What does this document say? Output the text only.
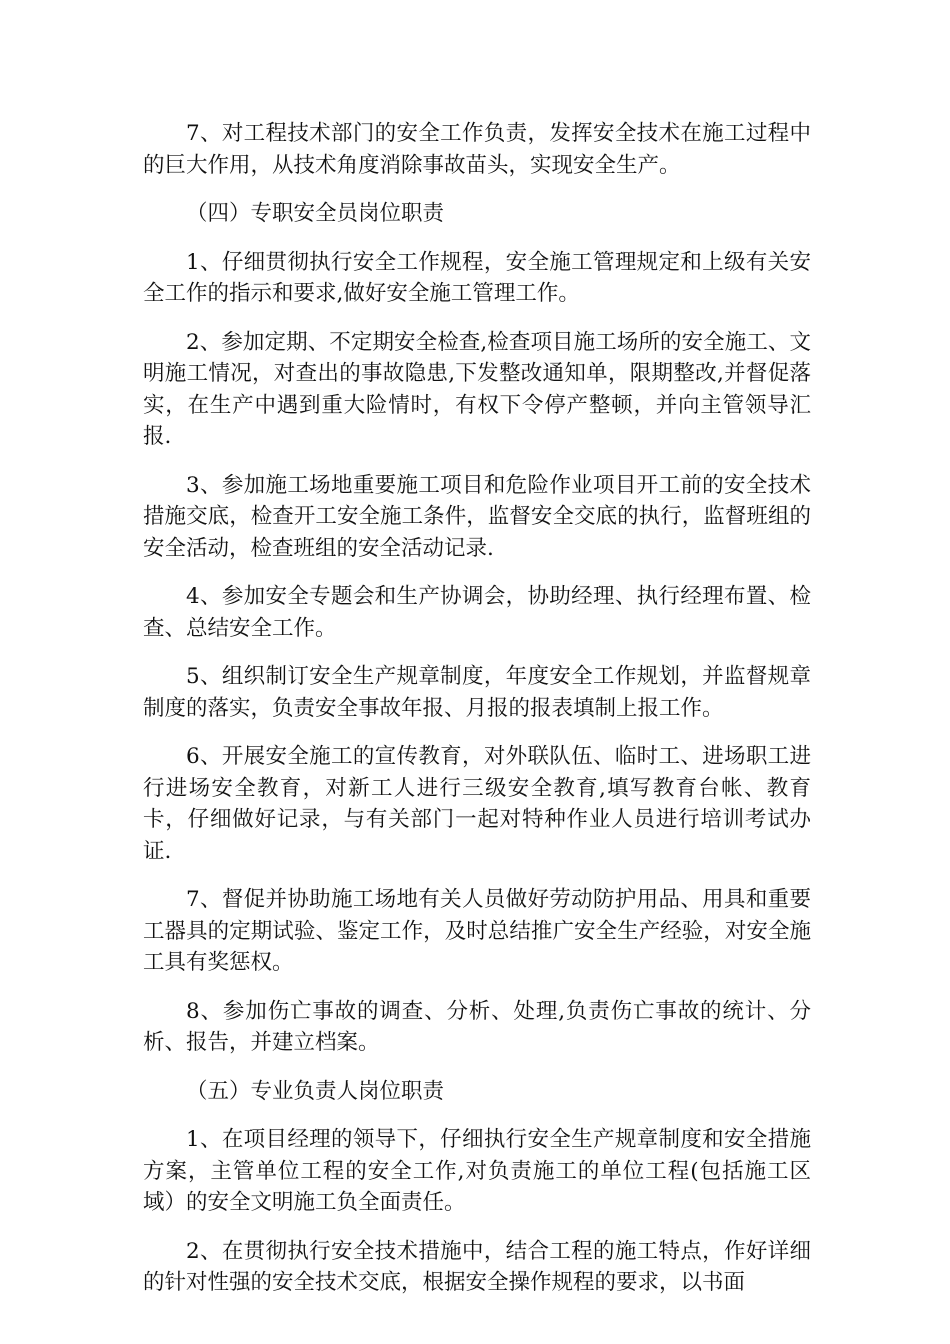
7、对工程技术部门的安全工作负责，发挥安全技术在施工过程中的巨大作用，从技术角度消除事故苗头，实现安全生产。

（四）专职安全员岗位职责

1、仔细贯彻执行安全工作规程，安全施工管理规定和上级有关安全工作的指示和要求,做好安全施工管理工作。

2、参加定期、不定期安全检查,检查项目施工场所的安全施工、文明施工情况，对查出的事故隐患,下发整改通知单，限期整改,并督促落实，在生产中遇到重大险情时，有权下令停产整顿，并向主管领导汇报.

3、参加施工场地重要施工项目和危险作业项目开工前的安全技术措施交底，检查开工安全施工条件，监督安全交底的执行，监督班组的安全活动，检查班组的安全活动记录.

4、参加安全专题会和生产协调会，协助经理、执行经理布置、检查、总结安全工作。

5、组织制订安全生产规章制度，年度安全工作规划，并监督规章制度的落实，负责安全事故年报、月报的报表填制上报工作。

6、开展安全施工的宣传教育，对外联队伍、临时工、进场职工进行进场安全教育，对新工人进行三级安全教育,填写教育台帐、教育卡，仔细做好记录，与有关部门一起对特种作业人员进行培训考试办证.

7、督促并协助施工场地有关人员做好劳动防护用品、用具和重要工器具的定期试验、鉴定工作，及时总结推广安全生产经验，对安全施工具有奖惩权。

8、参加伤亡事故的调查、分析、处理,负责伤亡事故的统计、分析、报告，并建立档案。

（五）专业负责人岗位职责

1、在项目经理的领导下，仔细执行安全生产规章制度和安全措施方案，主管单位工程的安全工作,对负责施工的单位工程(包括施工区域）的安全文明施工负全面责任。

2、在贯彻执行安全技术措施中，结合工程的施工特点，作好详细的针对性强的安全技术交底，根据安全操作规程的要求，以书面
